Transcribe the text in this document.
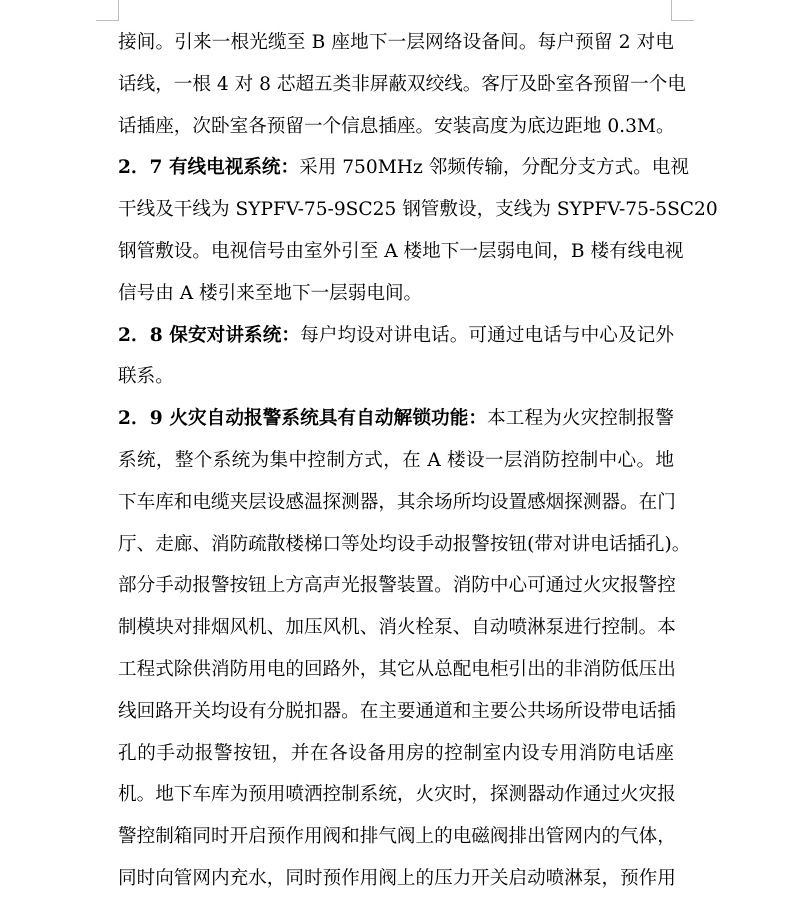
接间。引来一根光缆至 B 座地下一层网络设备间。每户预留 2 对电
话线，一根 4 对 8 芯超五类非屏蔽双绞线。客厅及卧室各预留一个电
话插座，次卧室各预留一个信息插座。安装高度为底边距地 0.3M。
2．7 有线电视系统：采用 750MHz 邻频传输，分配分支方式。电视
干线及干线为 SYPFV-75-9SC25 钢管敷设，支线为 SYPFV-75-5SC20
钢管敷设。电视信号由室外引至 A 楼地下一层弱电间，B 楼有线电视
信号由 A 楼引来至地下一层弱电间。
2．8 保安对讲系统：每户均设对讲电话。可通过电话与中心及记外
联系。
2．9 火灾自动报警系统具有自动解锁功能：本工程为火灾控制报警
系统，整个系统为集中控制方式，在 A 楼设一层消防控制中心。地
下车库和电缆夹层设感温探测器，其余场所均设置感烟探测器。在门
厅、走廊、消防疏散楼梯口等处均设手动报警按钮(带对讲电话插孔)。
部分手动报警按钮上方高声光报警装置。消防中心可通过火灾报警控
制模块对排烟风机、加压风机、消火栓泵、自动喷淋泵进行控制。本
工程式除供消防用电的回路外，其它从总配电柜引出的非消防低压出
线回路开关均设有分脱扣器。在主要通道和主要公共场所设带电话插
孔的手动报警按钮，并在各设备用房的控制室内设专用消防电话座
机。地下车库为预用喷洒控制系统，火灾时，探测器动作通过火灾报
警控制箱同时开启预作用阀和排气阀上的电磁阀排出管网内的气体，
同时向管网内充水，同时预作用阀上的压力开关启动喷淋泵，预作用
